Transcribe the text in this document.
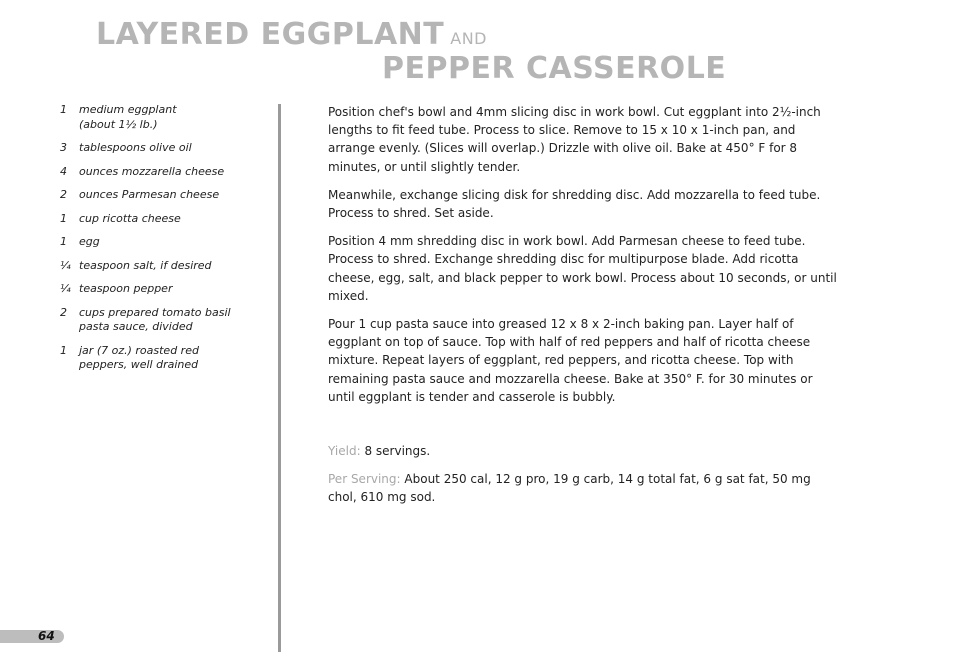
LAYERED EGGPLANT AND
PEPPER CASSEROLE
1	medium eggplant
(about 1½ lb.)
3	tablespoons olive oil
4	ounces mozzarella cheese
2	ounces Parmesan cheese
1	cup ricotta cheese
1	egg
¼ teaspoon salt, if desired
¼ teaspoon pepper
2	cups prepared tomato basil
pasta sauce, divided
1	jar (7 oz.) roasted red
peppers, well drained

Position chef's bowl and 4mm slicing disc in work bowl. Cut eggplant into 2½-inch lengths to fit feed tube. Process to slice. Remove to 15 x 10 x 1-inch pan, and arrange evenly. (Slices will overlap.) Drizzle with olive oil. Bake at 450° F for 8 minutes, or until slightly tender.

Meanwhile, exchange slicing disk for shredding disc. Add mozzarella to feed tube. Process to shred. Set aside.

Position 4 mm shredding disc in work bowl. Add Parmesan cheese to feed tube. Process to shred. Exchange shredding disc for multipurpose blade. Add ricotta cheese, egg, salt, and black pepper to work bowl. Process about 10 seconds, or until mixed.

Pour 1 cup pasta sauce into greased 12 x 8 x 2-inch baking pan. Layer half of eggplant on top of sauce. Top with half of red peppers and half of ricotta cheese mixture. Repeat layers of eggplant, red peppers, and ricotta cheese. Top with remaining pasta sauce and mozzarella cheese. Bake at 350° F. for 30 minutes or until eggplant is tender and casserole is bubbly.

Yield: 8 servings.

Per Serving: About 250 cal, 12 g pro, 19 g carb, 14 g total fat, 6 g sat fat, 50 mg chol, 610 mg sod.

64
